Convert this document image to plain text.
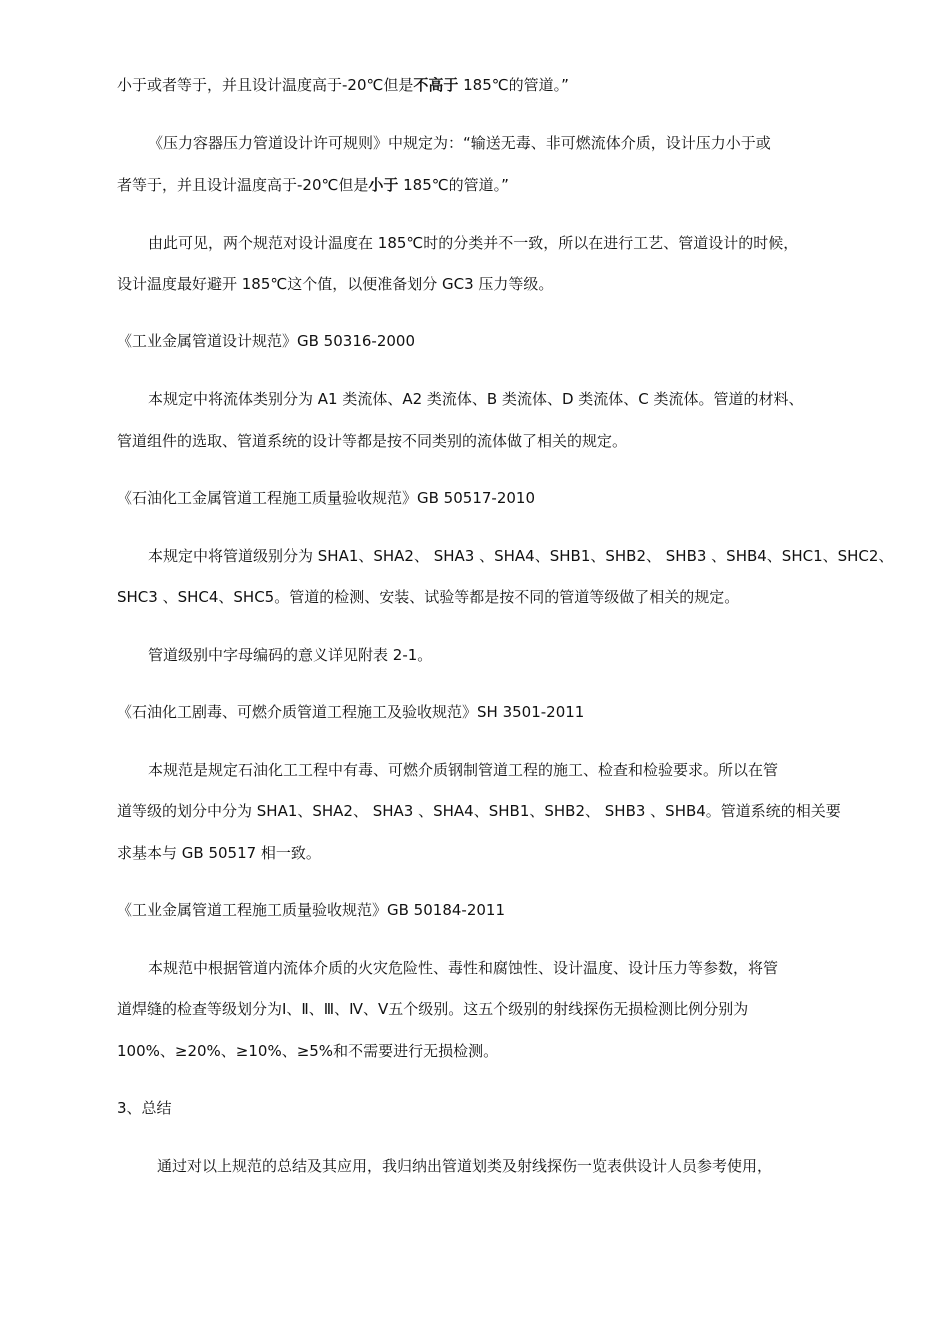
小于或者等于，并且设计温度高于-20℃但是不高于 185℃的管道。”
《压力容器压力管道设计许可规则》中规定为：“输送无毒、非可燃流体介质，设计压力小于或
者等于，并且设计温度高于-20℃但是小于 185℃的管道。”
由此可见，两个规范对设计温度在 185℃时的分类并不一致，所以在进行工艺、管道设计的时候，
设计温度最好避开 185℃这个值，以便准备划分 GC3 压力等级。
《工业金属管道设计规范》GB 50316-2000
本规定中将流体类别分为 A1 类流体、A2 类流体、B 类流体、D 类流体、C 类流体。管道的材料、
管道组件的选取、管道系统的设计等都是按不同类别的流体做了相关的规定。
《石油化工金属管道工程施工质量验收规范》GB 50517-2010
本规定中将管道级别分为 SHA1、SHA2、 SHA3 、SHA4、SHB1、SHB2、 SHB3 、SHB4、SHC1、SHC2、
SHC3 、SHC4、SHC5。管道的检测、安装、试验等都是按不同的管道等级做了相关的规定。
管道级别中字母编码的意义详见附表 2-1。
《石油化工剧毒、可燃介质管道工程施工及验收规范》SH 3501-2011
本规范是规定石油化工工程中有毒、可燃介质钢制管道工程的施工、检查和检验要求。所以在管
道等级的划分中分为 SHA1、SHA2、 SHA3 、SHA4、SHB1、SHB2、 SHB3 、SHB4。管道系统的相关要
求基本与 GB 50517 相一致。
《工业金属管道工程施工质量验收规范》GB 50184-2011
本规范中根据管道内流体介质的火灾危险性、毒性和腐蚀性、设计温度、设计压力等参数，将管
道焊缝的检查等级划分为Ⅰ、Ⅱ、Ⅲ、Ⅳ、Ⅴ五个级别。这五个级别的射线探伤无损检测比例分别为
100%、≥20%、≥10%、≥5%和不需要进行无损检测。
3、总结
通过对以上规范的总结及其应用，我归纳出管道划类及射线探伤一览表供设计人员参考使用，
